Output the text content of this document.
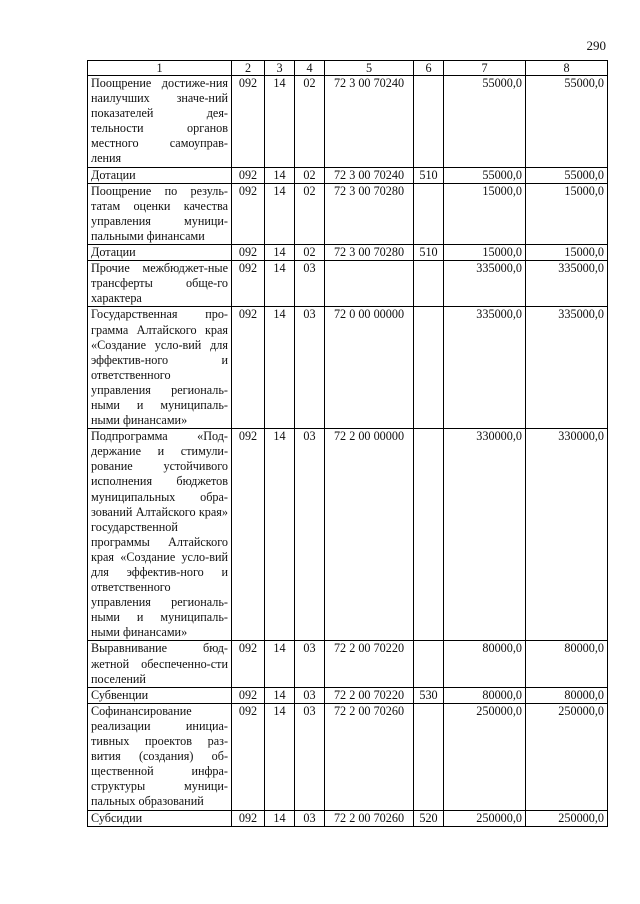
290
1	2	3	4	5	6	7	8
Поощрение достиже-ния наилучших значе-ний показателей дея-тельности органов местного самоуправ-ления	092	14	02	72 3 00 70240		55000,0	55000,0
Дотации	092	14	02	72 3 00 70240	510	55000,0	55000,0
Поощрение по резуль-татам оценки качества управления муници-пальными финансами	092	14	02	72 3 00 70280		15000,0	15000,0
Дотации	092	14	02	72 3 00 70280	510	15000,0	15000,0
Прочие межбюджет-ные трансферты обще-го характера	092	14	03			335000,0	335000,0
Государственная про-грамма Алтайского края «Создание усло-вий для эффектив-ного и ответственного управления региональ-ными и муниципаль-ными финансами»	092	14	03	72 0 00 00000		335000,0	335000,0
Подпрограмма «Под-держание и стимули-рование устойчивого исполнения бюджетов муниципальных обра-зований Алтайского края» государственной программы Алтайского края «Создание усло-вий для эффектив-ного и ответственного управления региональ-ными и муниципаль-ными финансами»	092	14	03	72 2 00 00000		330000,0	330000,0
Выравнивание бюд-жетной обеспеченно-сти поселений	092	14	03	72 2 00 70220		80000,0	80000,0
Субвенции	092	14	03	72 2 00 70220	530	80000,0	80000,0
Софинансирование реализации инициа-тивных проектов раз-вития (создания) об-щественной инфра-структуры муници-пальных образований	092	14	03	72 2 00 70260		250000,0	250000,0
Субсидии	092	14	03	72 2 00 70260	520	250000,0	250000,0
